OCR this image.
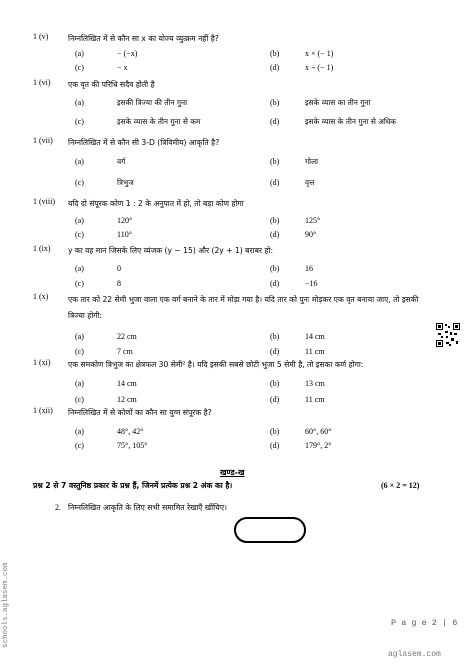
1 (v)	निम्नलिखित में से कौन सा x का योज्य व्युत्क्रम नहीं है?
(a)	− (−x)	(b)	x × (− 1)
(c)	− x	(d)	x ÷ (− 1)
1 (vi) एक वृत की परिधि सदैव होती है
(a)	इसकी त्रिज्या की तीन गुना	(b)	इसके व्यास का तीन गुना
(c)	इसके व्यास के तीन गुना से कम	(d)	इसके व्यास के तीन गुना से अधिक
1 (vii) निम्नलिखित में से कौन सी 3-D (त्रिविमीय) आकृति है?
(a)	वर्ग	(b)	गोला
(c)	त्रिभुज	(d)	वृत्त
1 (viii) यदि दो संपूरक कोण 1 : 2 के अनुपात में हो, तो बड़ा कोण होगा
(a)	120°	(b)	125°
(c)	110°	(d)	90°
1 (ix) y का वह मान जिसके लिए व्यंजक (y − 15) और (2y + 1) बराबर हो:
(a)	0	(b)	16
(c)	8	(d)	−16
1 (x)	एक तार को 22 सेमी भुजा वाला एक वर्ग बनाने के तार में मोड़ा गया है। यदि तार को पुनः मोड़कर एक वृत बनाया जाए, तो इसकी त्रिज्या होगी:
(a)	22 cm	(b)	14 cm
(c)	7 cm	(d)	11 cm
1 (xi) एक समकोण त्रिभुज का क्षेत्रफल 30 सेमी² है। यदि इसकी सबसे छोटी भुजा 5 सेमी है, तो इसका कर्ण होगा:
(a)	14 cm	(b)	13 cm
(c)	12 cm	(d)	11 cm
1 (xii) निम्नलिखित में से कोणों का कौन सा युग्म संपूरक है?
(a)	48°, 42°	(b)	60°, 60°
(c)	75°, 105°	(d)	179°, 2°
खण्ड-ख
प्रश्न 2 से 7 वस्तुनिष्ठ प्रकार के प्रश्न हैं, जिनमें प्रत्येक प्रश्न 2 अंक का है।	(6 × 2 = 12)
2. निम्नलिखित आकृति के लिए सभी समामित रेखाएँ खींचिए।
schools.aglasem.com	P a g e 2 | 6
aglasem.com
